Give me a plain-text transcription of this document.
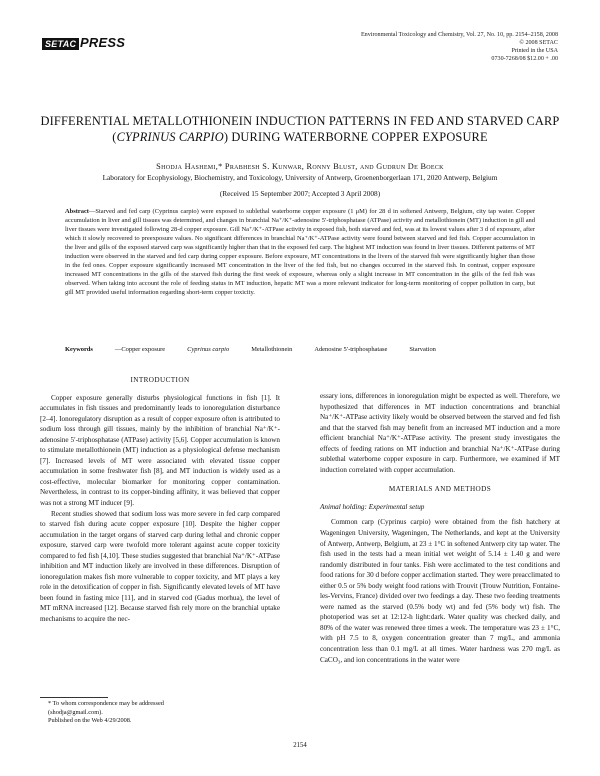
SETAC PRESS	Environmental Toxicology and Chemistry, Vol. 27, No. 10, pp. 2154–2158, 2008
© 2008 SETAC
Printed in the USA
0730-7268/08 $12.00 + .00
DIFFERENTIAL METALLOTHIONEIN INDUCTION PATTERNS IN FED AND STARVED CARP (CYPRINUS CARPIO) DURING WATERBORNE COPPER EXPOSURE
Shodja Hashemi,* Prabhesh S. Kunwar, Ronny Blust, and Gudrun De Boeck
Laboratory for Ecophysiology, Biochemistry, and Toxicology, University of Antwerp, Groenenborgerlaan 171, 2020 Antwerp, Belgium
(Received 15 September 2007; Accepted 3 April 2008)
Abstract—Starved and fed carp (Cyprinus carpio) were exposed to sublethal waterborne copper exposure (1 μM) for 28 d in softened Antwerp, Belgium, city tap water. Copper accumulation in liver and gill tissues was determined, and changes in branchial Na⁺/K⁺-adenosine 5′-triphosphatase (ATPase) activity and metallothionein (MT) induction in gill and liver tissues were investigated following 28-d copper exposure. Gill Na⁺/K⁺-ATPase activity in exposed fish, both starved and fed, was at its lowest values after 3 d of exposure, after which it slowly recovered to preexposure values. No significant differences in branchial Na⁺/K⁺-ATPase activity were found between starved and fed fish. Copper accumulation in the liver and gills of the exposed starved carp was significantly higher than that in the exposed fed carp. The highest MT induction was found in liver tissues. Different patterns of MT induction were observed in the starved and fed carp during copper exposure. Before exposure, MT concentrations in the livers of the starved fish were significantly higher than those in the fed ones. Copper exposure significantly increased MT concentration in the liver of the fed fish, but no changes occurred in the starved fish. In contrast, copper exposure increased MT concentrations in the gills of the starved fish during the first week of exposure, whereas only a slight increase in MT concentration in the gills of the fed fish was observed. When taking into account the role of feeding status in MT induction, hepatic MT was a more relevant indicator for long-term monitoring of copper pollution in carp, but gill MT provided useful information regarding short-term copper toxicity.
Keywords	—Copper exposure	Cyprinus carpio	Metallothionein	Adenosine 5′-triphosphatase	Starvation
INTRODUCTION

Copper exposure generally disturbs physiological functions in fish [1]. It accumulates in fish tissues and predominantly leads to ionoregulation disturbance [2–4]. Ionoregulatory disruption as a result of copper exposure often is attributed to sodium loss through gill tissues, mainly by the inhibition of branchial Na⁺/K⁺-adenosine 5′-triphosphatase (ATPase) activity [5,6]. Copper accumulation is known to stimulate metallothionein (MT) induction as a physiological defense mechanism [7]. Increased levels of MT were associated with elevated tissue copper accumulation in some freshwater fish [8], and MT induction is widely used as a cost-effective, molecular biomarker for monitoring copper contamination. Nevertheless, in contrast to its copper-binding affinity, it was believed that copper was not a strong MT inducer [9].

Recent studies showed that sodium loss was more severe in fed carp compared to starved fish during acute copper exposure [10]. Despite the higher copper accumulation in the target organs of starved carp during lethal and chronic copper exposure, starved carp were twofold more tolerant against acute copper toxicity compared to fed fish [4,10]. These studies suggested that branchial Na⁺/K⁺-ATPase inhibition and MT induction likely are involved in these differences. Disruption of ionoregulation makes fish more vulnerable to copper toxicity, and MT plays a key role in the detoxification of copper in fish. Significantly elevated levels of MT have been found in fasting mice [11], and in starved cod (Gadus morhua), the level of MT mRNA increased [12]. Because starved fish rely more on the branchial uptake mechanisms to acquire the nec-

essary ions, differences in ionoregulation might be expected as well. Therefore, we hypothesized that differences in MT induction concentrations and branchial Na⁺/K⁺-ATPase activity likely would be observed between the starved and fed fish and that the starved fish may benefit from an increased MT induction and a more efficient branchial Na⁺/K⁺-ATPase activity. The present study investigates the effects of feeding rations on MT induction and branchial Na⁺/K⁺-ATPase during sublethal waterborne copper exposure in carp. Furthermore, we examined if MT induction correlated with copper accumulation.

MATERIALS AND METHODS
Animal holding: Experimental setup

Common carp (Cyprinus carpio) were obtained from the fish hatchery at Wageningen University, Wageningen, The Netherlands, and kept at the University of Antwerp, Antwerp, Belgium, at 23 ± 1°C in softened Antwerp city tap water. The fish used in the tests had a mean initial wet weight of 5.14 ± 1.40 g and were randomly distributed in four tanks. Fish were acclimated to the test conditions and food rations for 30 d before copper acclimation started. They were preacclimated to either 0.5 or 5% body weight food rations with Trouvit (Trouw Nutrition, Fontaine-les-Vervins, France) divided over two feedings a day. These two feeding treatments were named as the starved (0.5% body wt) and fed (5% body wt) fish. The photoperiod was set at 12:12-h light:dark. Water quality was checked daily, and 80% of the water was renewed three times a week. The temperature was 23 ± 1°C, with pH 7.5 to 8, oxygen concentration greater than 7 mg/L, and ammonia concentration less than 0.1 mg/L at all times. Water hardness was 270 mg/L as CaCO₃, and ion concentrations in the water were

* To whom correspondence may be addressed
(shodja@gmail.com).
Published on the Web 4/29/2008.
2154
